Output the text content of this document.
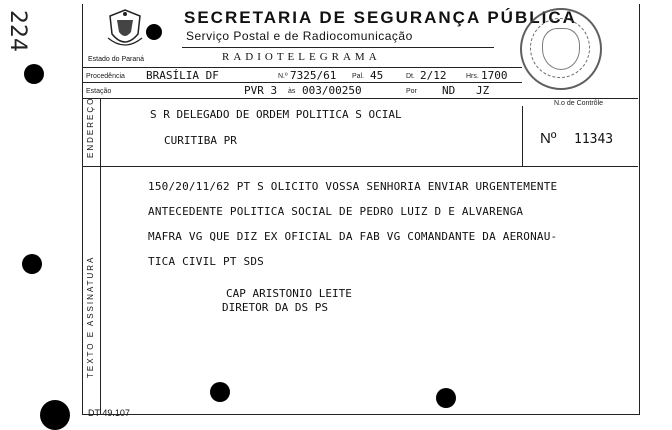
224
DT 49.107
Estado do Paraná
SECRETARIA DE SEGURANÇA PÚBLICA
Serviço Postal e de Radiocomunicação
RADIOTELEGRAMA
Procedência BRASÍLIA DF	N.º 7325/61 Pal. 45	Dt. 2/12	Hrs. 1700
Estação	PVR 3 às 003/00250	Por ND JZ
ENDEREÇO	S R DELEGADO DE ORDEM POLITICA S OCIAL
CURITIBA PR
N.o de Contrôle
Nº 11343
TEXTO E ASSINATURA
150/20/11/62 PT S OLICITO VOSSA SENHORIA ENVIAR URGENTEMENTE
ANTECEDENTE POLITICA SOCIAL DE PEDRO LUIZ D E ALVARENGA
MAFRA VG QUE DIZ EX OFICIAL DA FAB VG COMANDANTE DA AERONAU-
TICA CIVIL PT SDS
CAP ARISTONIO LEITE
DIRETOR DA DS PS
